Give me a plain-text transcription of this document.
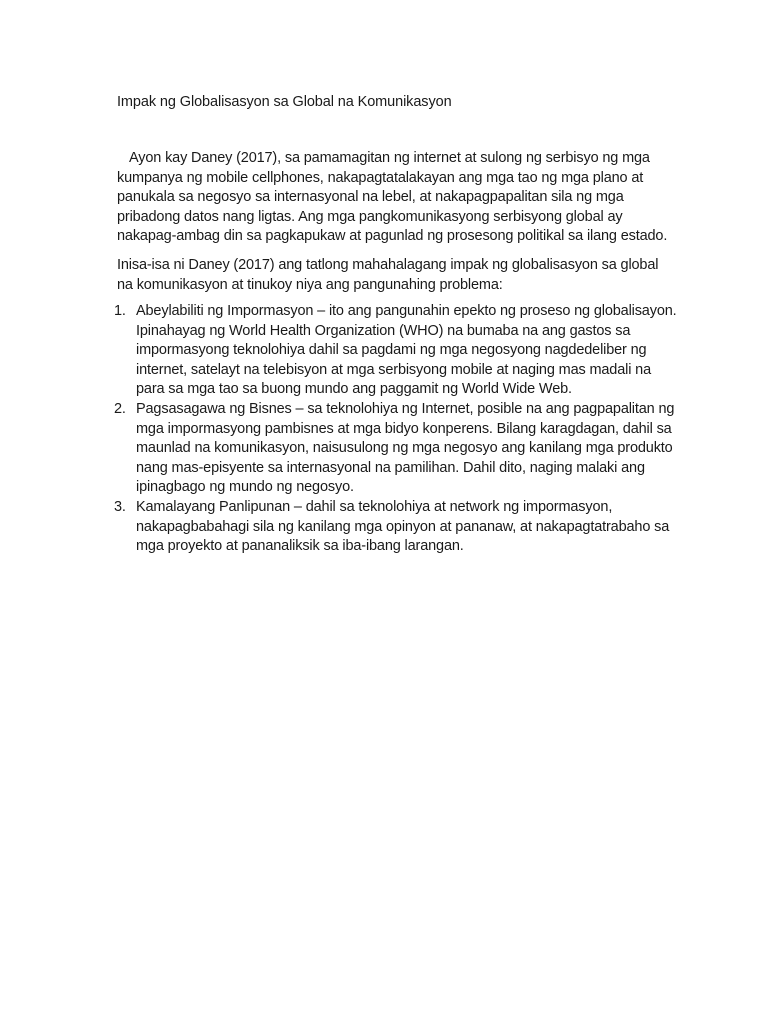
Impak ng Globalisasyon sa Global na Komunikasyon
Ayon kay Daney (2017), sa pamamagitan ng internet at sulong ng serbisyo ng mga kumpanya ng mobile cellphones, nakapagtatalakayan ang mga tao ng mga plano at panukala sa negosyo sa internasyonal na lebel, at nakapagpapalitan sila ng mga pribadong datos nang ligtas. Ang mga pangkomunikasyong serbisyong global ay nakapag-ambag din sa pagkapukaw at pagunlad ng prosesong politikal sa ilang estado.
Inisa-isa ni Daney (2017) ang tatlong mahahalagang impak ng globalisasyon sa global na komunikasyon at tinukoy niya ang pangunahing problema:
1. Abeylabiliti ng Impormasyon – ito ang pangunahin epekto ng proseso ng globalisayon. Ipinahayag ng World Health Organization (WHO) na bumaba na ang gastos sa impormasyong teknolohiya dahil sa pagdami ng mga negosyong nagdedeliber ng internet, satelayt na telebisyon at mga serbisyong mobile at naging mas madali na para sa mga tao sa buong mundo ang paggamit ng World Wide Web.
2. Pagsasagawa ng Bisnes – sa teknolohiya ng Internet, posible na ang pagpapalitan ng mga impormasyong pambisnes at mga bidyo konperens. Bilang karagdagan, dahil sa maunlad na komunikasyon, naisusulong ng mga negosyo ang kanilang mga produkto nang mas-episyente sa internasyonal na pamilihan. Dahil dito, naging malaki ang ipinagbago ng mundo ng negosyo.
3. Kamalayang Panlipunan – dahil sa teknolohiya at network ng impormasyon, nakapagbabahagi sila ng kanilang mga opinyon at pananaw, at nakapagtatrabaho sa mga proyekto at pananaliksik sa iba-ibang larangan.
